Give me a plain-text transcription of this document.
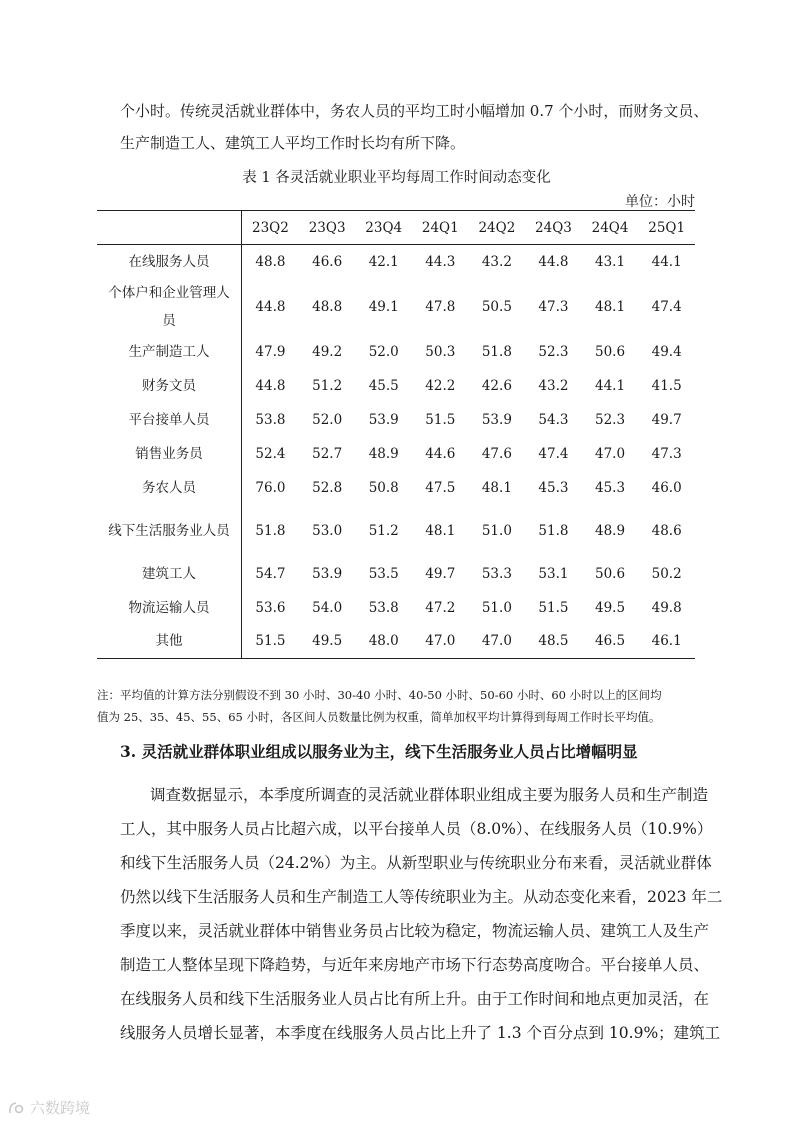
个小时。传统灵活就业群体中，务农人员的平均工时小幅增加 0.7 个小时，而财务文员、
生产制造工人、建筑工人平均工作时长均有所下降。
表 1 各灵活就业职业平均每周工作时间动态变化
单位：小时
	23Q2	23Q3	23Q4	24Q1	24Q2	24Q3	24Q4	25Q1
在线服务人员	48.8	46.6	42.1	44.3	43.2	44.8	43.1	44.1
个体户和企业管理人员	44.8	48.8	49.1	47.8	50.5	47.3	48.1	47.4
生产制造工人	47.9	49.2	52.0	50.3	51.8	52.3	50.6	49.4
财务文员	44.8	51.2	45.5	42.2	42.6	43.2	44.1	41.5
平台接单人员	53.8	52.0	53.9	51.5	53.9	54.3	52.3	49.7
销售业务员	52.4	52.7	48.9	44.6	47.6	47.4	47.0	47.3
务农人员	76.0	52.8	50.8	47.5	48.1	45.3	45.3	46.0
线下生活服务业人员	51.8	53.0	51.2	48.1	51.0	51.8	48.9	48.6
建筑工人	54.7	53.9	53.5	49.7	53.3	53.1	50.6	50.2
物流运输人员	53.6	54.0	53.8	47.2	51.0	51.5	49.5	49.8
其他	51.5	49.5	48.0	47.0	47.0	48.5	46.5	46.1
注：平均值的计算方法分别假设不到 30 小时、30-40 小时、40-50 小时、50-60 小时、60 小时以上的区间均
值为 25、35、45、55、65 小时，各区间人员数量比例为权重，简单加权平均计算得到每周工作时长平均值。
3. 灵活就业群体职业组成以服务业为主，线下生活服务业人员占比增幅明显
调查数据显示，本季度所调查的灵活就业群体职业组成主要为服务人员和生产制造
工人，其中服务人员占比超六成，以平台接单人员（8.0%）、在线服务人员（10.9%）
和线下生活服务人员（24.2%）为主。从新型职业与传统职业分布来看，灵活就业群体
仍然以线下生活服务人员和生产制造工人等传统职业为主。从动态变化来看，2023 年二
季度以来，灵活就业群体中销售业务员占比较为稳定，物流运输人员、建筑工人及生产
制造工人整体呈现下降趋势，与近年来房地产市场下行态势高度吻合。平台接单人员、
在线服务人员和线下生活服务业人员占比有所上升。由于工作时间和地点更加灵活，在
线服务人员增长显著，本季度在线服务人员占比上升了 1.3 个百分点到 10.9%；建筑工
六数跨境
